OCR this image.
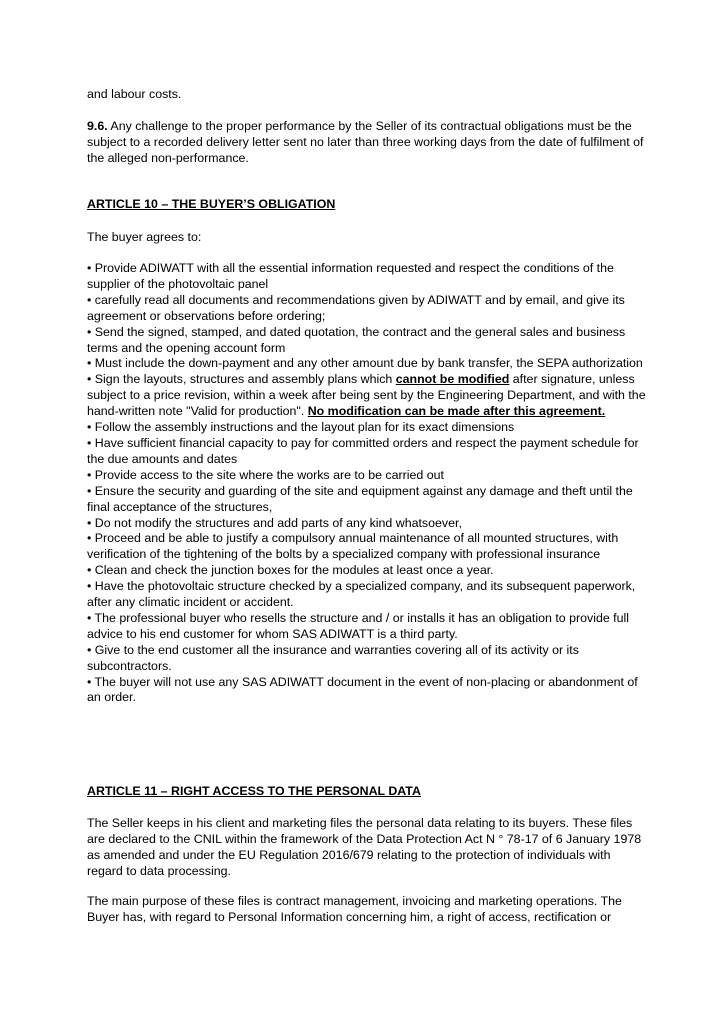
and labour costs.

9.6. Any challenge to the proper performance by the Seller of its contractual obligations must be the subject to a recorded delivery letter sent no later than three working days from the date of fulfilment of the alleged non-performance.

ARTICLE 10 – THE BUYER’S OBLIGATION

The buyer agrees to:

• Provide ADIWATT with all the essential information requested and respect the conditions of the supplier of the photovoltaic panel

• carefully read all documents and recommendations given by ADIWATT and by email, and give its agreement or observations before ordering;

• Send the signed, stamped, and dated quotation, the contract and the general sales and business terms and the opening account form

• Must include the down-payment and any other amount due by bank transfer, the SEPA authorization

• Sign the layouts, structures and assembly plans which cannot be modified after signature, unless subject to a price revision, within a week after being sent by the Engineering Department, and with the hand-written note "Valid for production". No modification can be made after this agreement.

• Follow the assembly instructions and the layout plan for its exact dimensions

• Have sufficient financial capacity to pay for committed orders and respect the payment schedule for the due amounts and dates

• Provide access to the site where the works are to be carried out

• Ensure the security and guarding of the site and equipment against any damage and theft until the final acceptance of the structures,

• Do not modify the structures and add parts of any kind whatsoever,

• Proceed and be able to justify a compulsory annual maintenance of all mounted structures, with verification of the tightening of the bolts by a specialized company with professional insurance

• Clean and check the junction boxes for the modules at least once a year.

• Have the photovoltaic structure checked by a specialized company, and its subsequent paperwork, after any climatic incident or accident.

• The professional buyer who resells the structure and / or installs it has an obligation to provide full advice to his end customer for whom SAS ADIWATT is a third party.

• Give to the end customer all the insurance and warranties covering all of its activity or its subcontractors.

• The buyer will not use any SAS ADIWATT document in the event of non-placing or abandonment of an order.

ARTICLE 11 – RIGHT ACCESS TO THE PERSONAL DATA

The Seller keeps in his client and marketing files the personal data relating to its buyers. These files are declared to the CNIL within the framework of the Data Protection Act N ° 78-17 of 6 January 1978 as amended and under the EU Regulation 2016/679 relating to the protection of individuals with regard to data processing.

The main purpose of these files is contract management, invoicing and marketing operations. The Buyer has, with regard to Personal Information concerning him, a right of access, rectification or
